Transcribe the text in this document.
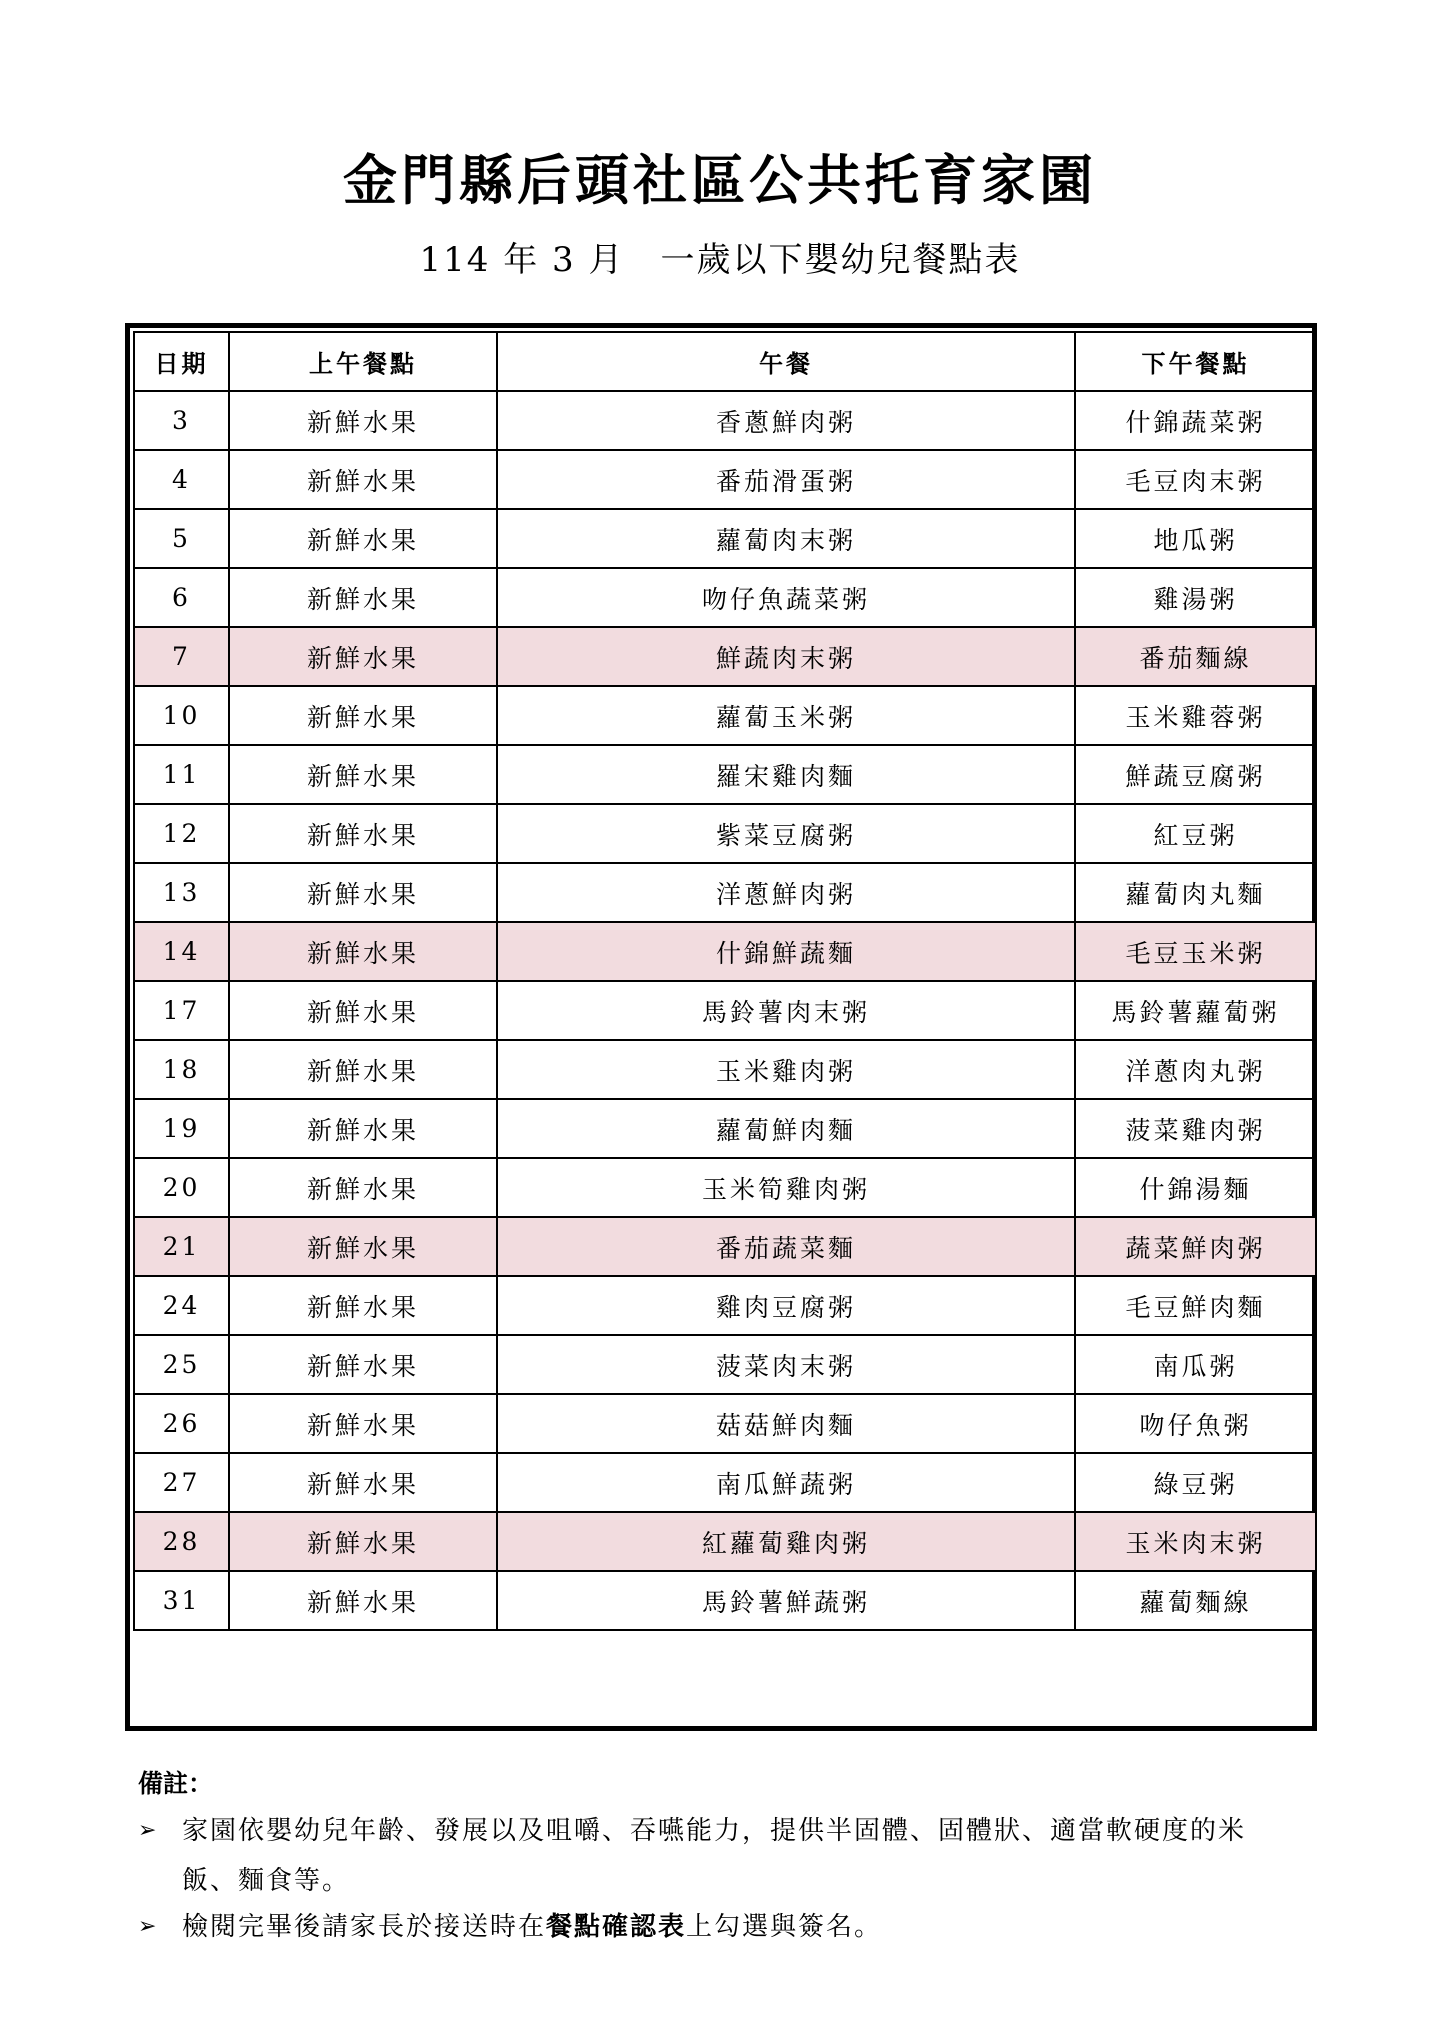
金門縣后頭社區公共托育家園
114 年 3 月　一歲以下嬰幼兒餐點表
日期	上午餐點	午餐	下午餐點
3	新鮮水果	香蔥鮮肉粥	什錦蔬菜粥
4	新鮮水果	番茄滑蛋粥	毛豆肉末粥
5	新鮮水果	蘿蔔肉末粥	地瓜粥
6	新鮮水果	吻仔魚蔬菜粥	雞湯粥
7	新鮮水果	鮮蔬肉末粥	番茄麵線
10	新鮮水果	蘿蔔玉米粥	玉米雞蓉粥
11	新鮮水果	羅宋雞肉麵	鮮蔬豆腐粥
12	新鮮水果	紫菜豆腐粥	紅豆粥
13	新鮮水果	洋蔥鮮肉粥	蘿蔔肉丸麵
14	新鮮水果	什錦鮮蔬麵	毛豆玉米粥
17	新鮮水果	馬鈴薯肉末粥	馬鈴薯蘿蔔粥
18	新鮮水果	玉米雞肉粥	洋蔥肉丸粥
19	新鮮水果	蘿蔔鮮肉麵	菠菜雞肉粥
20	新鮮水果	玉米筍雞肉粥	什錦湯麵
21	新鮮水果	番茄蔬菜麵	蔬菜鮮肉粥
24	新鮮水果	雞肉豆腐粥	毛豆鮮肉麵
25	新鮮水果	菠菜肉末粥	南瓜粥
26	新鮮水果	菇菇鮮肉麵	吻仔魚粥
27	新鮮水果	南瓜鮮蔬粥	綠豆粥
28	新鮮水果	紅蘿蔔雞肉粥	玉米肉末粥
31	新鮮水果	馬鈴薯鮮蔬粥	蘿蔔麵線
備註：
➢ 家園依嬰幼兒年齡、發展以及咀嚼、吞嚥能力，提供半固體、固體狀、適當軟硬度的米飯、麵食等。
➢ 檢閱完畢後請家長於接送時在餐點確認表上勾選與簽名。
